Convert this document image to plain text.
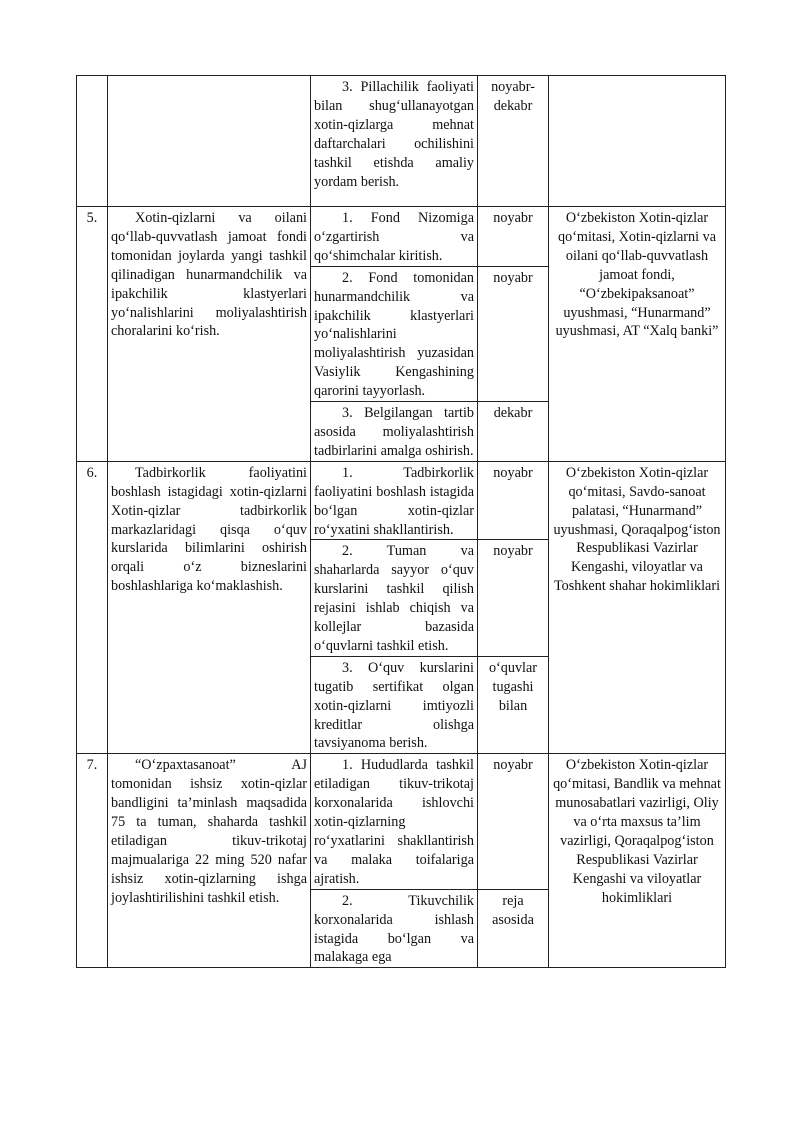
		3. Pillachilik faoliyati bilan shug‘ullanayotgan xotin-qizlarga mehnat daftarchalari ochilishini tashkil etishda amaliy yordam berish.	noyabr-dekabr	
5.	Xotin-qizlarni va oilani qo‘llab-quvvatlash jamoat fondi tomonidan joylarda yangi tashkil qilinadigan hunarmandchilik va ipakchilik klastyerlari yo‘nalishlarini moliyalashtirish choralarini ko‘rish.	1. Fond Nizomiga o‘zgartirish va qo‘shimchalar kiritish.	noyabr	O‘zbekiston Xotin-qizlar qo‘mitasi, Xotin-qizlarni va oilani qo‘llab-quvvatlash jamoat fondi, “O‘zbekipaksanoat” uyushmasi, “Hunarmand” uyushmasi, AT “Xalq banki”
		2. Fond tomonidan hunarmandchilik va ipakchilik klastyerlari yo‘nalishlarini moliyalashtirish yuzasidan Vasiylik Kengashining qarorini tayyorlash.	noyabr	
		3. Belgilangan tartib asosida moliyalashtirish tadbirlarini amalga oshirish.	dekabr	
6.	Tadbirkorlik faoliyatini boshlash istagidagi xotin-qizlarni Xotin-qizlar tadbirkorlik markazlaridagi qisqa o‘quv kurslarida bilimlarini oshirish orqali o‘z bizneslarini boshlashlariga ko‘maklashish.	1. Tadbirkorlik faoliyatini boshlash istagida bo‘lgan xotin-qizlar ro‘yxatini shakllantirish.	noyabr	O‘zbekiston Xotin-qizlar qo‘mitasi, Savdo-sanoat palatasi, “Hunarmand” uyushmasi, Qoraqalpog‘iston Respublikasi Vazirlar Kengashi, viloyatlar va Toshkent shahar hokimliklari
		2. Tuman va shaharlarda sayyor o‘quv kurslarini tashkil qilish rejasini ishlab chiqish va kollejlar bazasida o‘quvlarni tashkil etish.	noyabr	
		3. O‘quv kurslarini tugatib sertifikat olgan xotin-qizlarni imtiyozli kreditlar olishga tavsiyanoma berish.	o‘quvlar tugashi bilan	
7.	“O‘zpaxtasanoat” AJ tomonidan ishsiz xotin-qizlar bandligini ta’minlash maqsadida 75 ta tuman, shaharda tashkil etiladigan tikuv-trikotaj majmualariga 22 ming 520 nafar ishsiz xotin-qizlarning ishga joylashtirilishini tashkil etish.	1. Hududlarda tashkil etiladigan tikuv-trikotaj korxonalarida ishlovchi xotin-qizlarning ro‘yxatlarini shakllantirish va malaka toifalariga ajratish.	noyabr	O‘zbekiston Xotin-qizlar qo‘mitasi, Bandlik va mehnat munosabatlari vazirligi, Oliy va o‘rta maxsus ta’lim vazirligi, Qoraqalpog‘iston Respublikasi Vazirlar Kengashi va viloyatlar hokimliklari
		2. Tikuvchilik korxonalarida ishlash istagida bo‘lgan va malakaga ega	reja asosida	
